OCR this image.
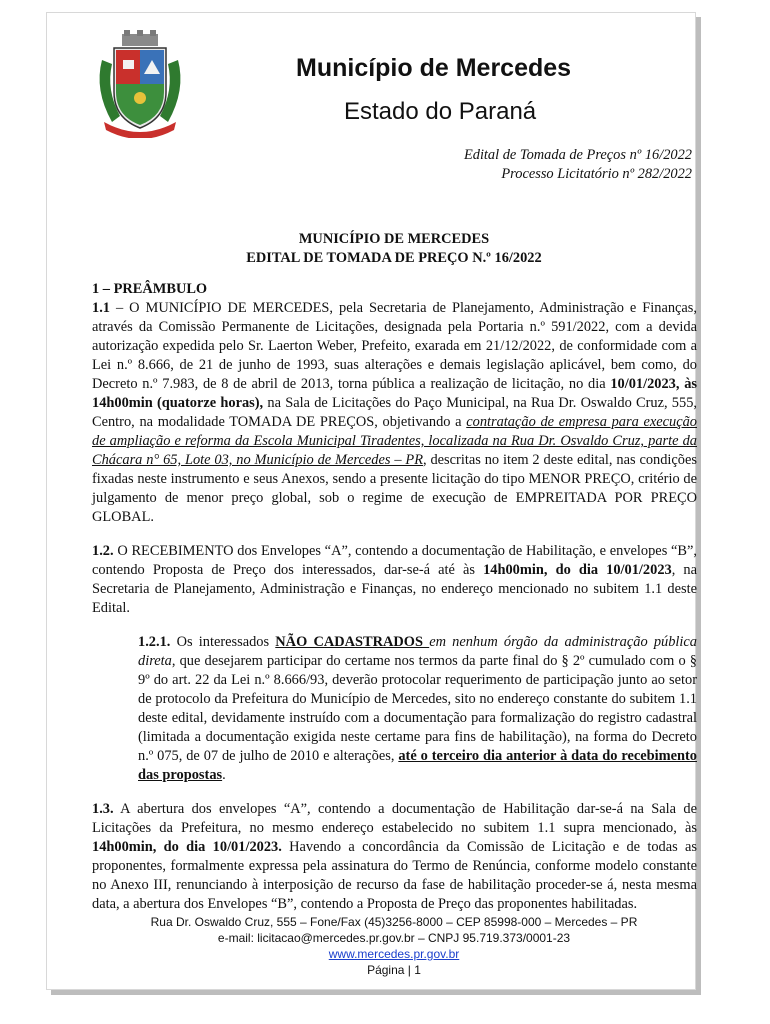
Município de Mercedes
Estado do Paraná
Edital de Tomada de Preços nº 16/2022
Processo Licitatório nº 282/2022
MUNICÍPIO DE MERCEDES
EDITAL DE TOMADA DE PREÇO N.º 16/2022

1 – PREÂMBULO

1.1 – O MUNICÍPIO DE MERCEDES, pela Secretaria de Planejamento, Administração e Finanças, através da Comissão Permanente de Licitações, designada pela Portaria n.º 591/2022, com a devida autorização expedida pelo Sr. Laerton Weber, Prefeito, exarada em 21/12/2022, de conformidade com a Lei n.º 8.666, de 21 de junho de 1993, suas alterações e demais legislação aplicável, bem como, do Decreto n.º 7.983, de 8 de abril de 2013, torna pública a realização de licitação, no dia 10/01/2023, às 14h00min (quatorze horas), na Sala de Licitações do Paço Municipal, na Rua Dr. Oswaldo Cruz, 555, Centro, na modalidade TOMADA DE PREÇOS, objetivando a contratação de empresa para execução de ampliação e reforma da Escola Municipal Tiradentes, localizada na Rua Dr. Osvaldo Cruz, parte da Chácara n° 65, Lote 03, no Município de Mercedes – PR, descritas no item 2 deste edital, nas condições fixadas neste instrumento e seus Anexos, sendo a presente licitação do tipo MENOR PREÇO, critério de julgamento de menor preço global, sob o regime de execução de EMPREITADA POR PREÇO GLOBAL.

1.2. O RECEBIMENTO dos Envelopes “A”, contendo a documentação de Habilitação, e envelopes “B”, contendo Proposta de Preço dos interessados, dar-se-á até às 14h00min, do dia 10/01/2023, na Secretaria de Planejamento, Administração e Finanças, no endereço mencionado no subitem 1.1 deste Edital.

1.2.1. Os interessados NÃO CADASTRADOS em nenhum órgão da administração pública direta, que desejarem participar do certame nos termos da parte final do § 2º cumulado com o § 9º do art. 22 da Lei n.º 8.666/93, deverão protocolar requerimento de participação junto ao setor de protocolo da Prefeitura do Município de Mercedes, sito no endereço constante do subitem 1.1 deste edital, devidamente instruído com a documentação para formalização do registro cadastral (limitada a documentação exigida neste certame para fins de habilitação), na forma do Decreto n.º 075, de 07 de julho de 2010 e alterações, até o terceiro dia anterior à data do recebimento das propostas.

1.3. A abertura dos envelopes “A”, contendo a documentação de Habilitação dar-se-á na Sala de Licitações da Prefeitura, no mesmo endereço estabelecido no subitem 1.1 supra mencionado, às 14h00min, do dia 10/01/2023. Havendo a concordância da Comissão de Licitação e de todas as proponentes, formalmente expressa pela assinatura do Termo de Renúncia, conforme modelo constante no Anexo III, renunciando à interposição de recurso da fase de habilitação proceder-se á, nesta mesma data, a abertura dos Envelopes “B”, contendo a Proposta de Preço das proponentes habilitadas.

Rua Dr. Oswaldo Cruz, 555 – Fone/Fax (45)3256-8000 – CEP 85998-000 – Mercedes – PR
e-mail: licitacao@mercedes.pr.gov.br – CNPJ 95.719.373/0001-23
www.mercedes.pr.gov.br
Página | 1
